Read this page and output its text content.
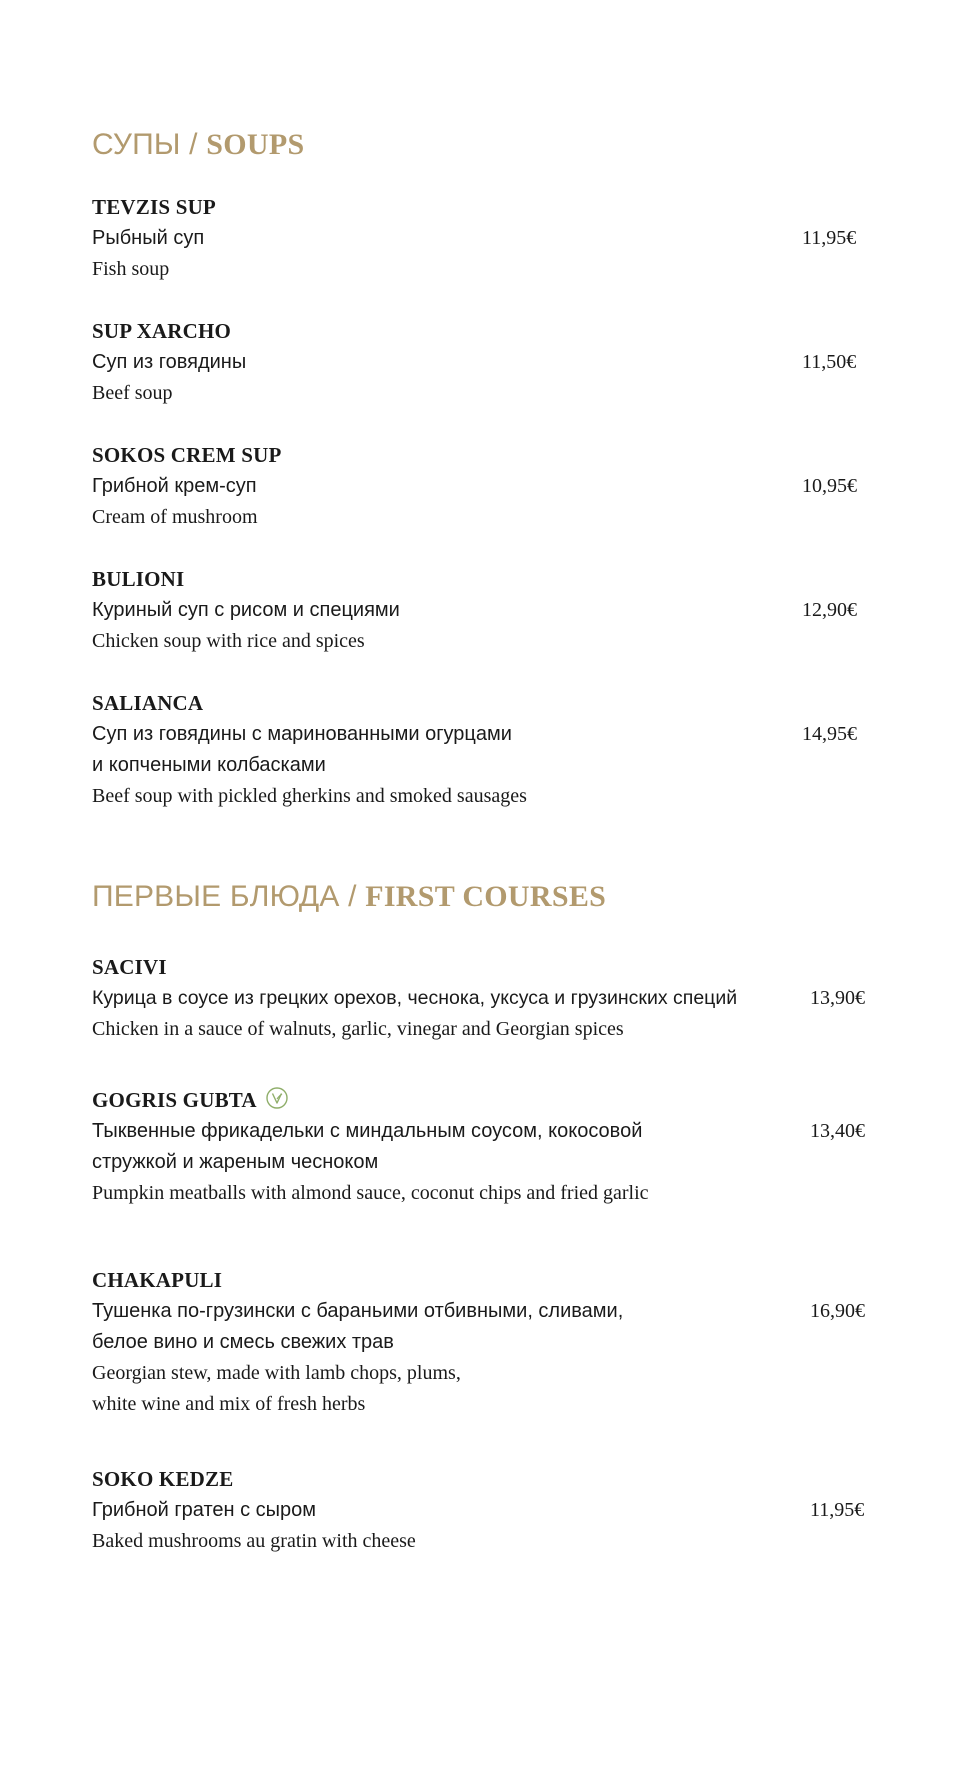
СУПЫ / SOUPS
TEVZIS SUP
Рыбный суп
Fish soup
11,95€
SUP XARCHO
Суп из говядины
Beef soup
11,50€
SOKOS CREM SUP
Грибной крем-суп
Cream of mushroom
10,95€
BULIONI
Куриный суп с рисом и специями
Chicken soup with rice and spices
12,90€
SALIANCA
Суп из говядины с маринованными огурцами
и копчеными колбасками
Beef soup with pickled gherkins and smoked sausages
14,95€
ПЕРВЫЕ БЛЮДА / FIRST COURSES
SACIVI
Курица в соусе из грецких орехов, чеснока, уксуса и грузинских специй
Chicken in a sauce of walnuts, garlic, vinegar and Georgian spices
13,90€
GOGRIS GUBTA
Тыквенные фрикадельки с миндальным соусом, кокосовой
стружкой и жареным чесноком
Pumpkin meatballs with almond sauce, coconut chips and fried garlic
13,40€
CHAKAPULI
Тушенка по-грузински с бараньими отбивными, сливами,
белое вино и смесь свежих трав
Georgian stew, made with lamb chops, plums,
white wine and mix of fresh herbs
16,90€
SOKO KEDZE
Грибной гратен с сыром
Baked mushrooms au gratin with cheese
11,95€
